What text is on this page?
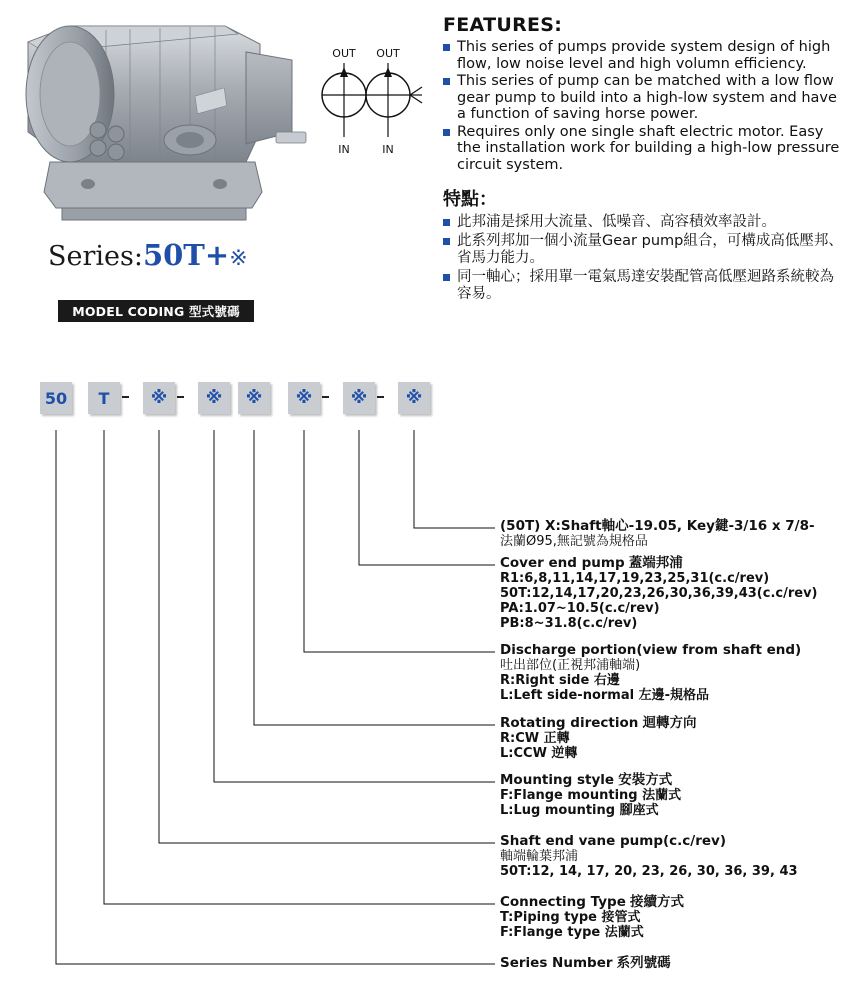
Series:50T+※
MODEL CODING 型式號碼
OUT OUT
IN	IN
FEATURES:
This series of pumps provide system design of high flow, low noise level and high volumn efficiency.
This series of pump can be matched with a low flow gear pump to build into a high-low system and have a function of saving horse power.
Requires only one single shaft electric motor. Easy the installation work for building a high-low pressure circuit system.
特點：
此邦浦是採用大流量、低噪音、高容積效率設計。
此系列邦加一個小流量Gear pump組合，可構成高低壓邦、省馬力能力。
同一軸心；採用單一電氣馬達安裝配管高低壓迴路系統較為容易。
50	T	※	※	※	※	※	※
(50T) X:Shaft軸心-19.05, Key鍵-3/16 x 7/8-
法蘭Ø95,無記號為規格品
Cover end pump 蓋端邦浦
R1:6,8,11,14,17,19,23,25,31(c.c/rev)
50T:12,14,17,20,23,26,30,36,39,43(c.c/rev)
PA:1.07~10.5(c.c/rev)
PB:8~31.8(c.c/rev)
Discharge portion(view from shaft end)
吐出部位(正視邦浦軸端)
R:Right side 右邊
L:Left side-normal 左邊-規格品
Rotating direction 迴轉方向
R:CW 正轉
L:CCW 逆轉
Mounting style 安裝方式
F:Flange mounting 法蘭式
L:Lug mounting 腳座式
Shaft end vane pump(c.c/rev)
軸端輪葉邦浦
50T:12, 14, 17, 20, 23, 26, 30, 36, 39, 43
Connecting Type 接續方式
T:Piping type 接管式
F:Flange type 法蘭式
Series Number 系列號碼
